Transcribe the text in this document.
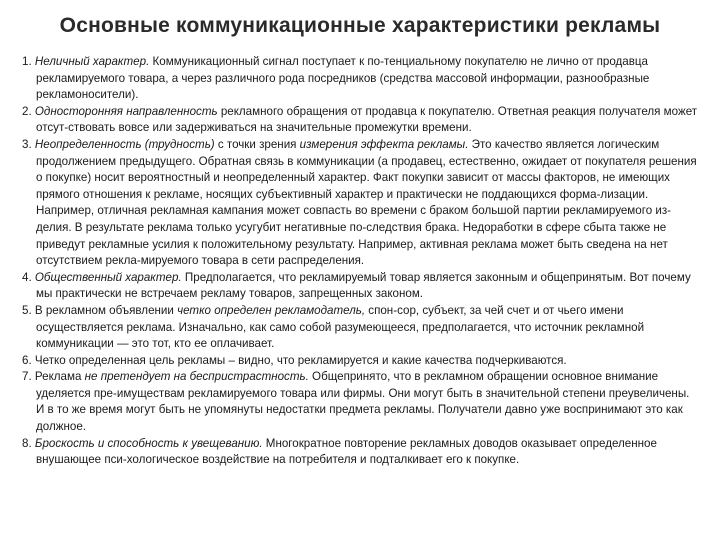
Основные коммуникационные характеристики рекламы

1. Неличный характер. Коммуникационный сигнал поступает к по-тенциальному покупателю не лично от продавца рекламируемого товара, а через различного рода посредников (средства массовой информации, разнообразные рекламоносители).

2. Односторонняя направленность рекламного обращения от продавца к покупателю. Ответная реакция получателя может отсут-ствовать вовсе или задерживаться на значительные промежутки времени.

3. Неопределенность (трудность) с точки зрения измерения эффекта рекламы. Это качество является логическим продолжением предыдущего. Обратная связь в коммуникации (а продавец, естественно, ожидает от покупателя решения о покупке) носит вероятностный и неопределенный характер. Факт покупки зависит от массы факторов, не имеющих прямого отношения к рекламе, носящих субъективный характер и практически не поддающихся форма-лизации. Например, отличная рекламная кампания может совпасть во времени с браком большой партии рекламируемого из-делия. В результате реклама только усугубит негативные по-следствия брака. Недоработки в сфере сбыта также не приведут рекламные усилия к положительному результату. Например, активная реклама может быть сведена на нет отсутствием рекла-мируемого товара в сети распределения.

4. Общественный характер. Предполагается, что рекламируемый товар является законным и общепринятым. Вот почему мы практически не встречаем рекламу товаров, запрещенных законом.

5. В рекламном объявлении четко определен рекламодатель, спон-сор, субъект, за чей счет и от чьего имени осуществляется реклама. Изначально, как само собой разумеющееся, предполагается, что источник рекламной коммуникации — это тот, кто ее оплачивает.

6. Четко определенная цель рекламы – видно, что рекламируется и какие качества подчеркиваются.

7. Реклама не претендует на беспристрастность. Общепринято, что в рекламном обращении основное внимание уделяется пре-имуществам рекламируемого товара или фирмы. Они могут быть в значительной степени преувеличены. И в то же время могут быть не упомянуты недостатки предмета рекламы. Получатели давно уже воспринимают это как должное.

8. Броскость и способность к увещеванию. Многократное повторение рекламных доводов оказывает определенное внушающее пси-хологическое воздействие на потребителя и подталкивает его к покупке.
